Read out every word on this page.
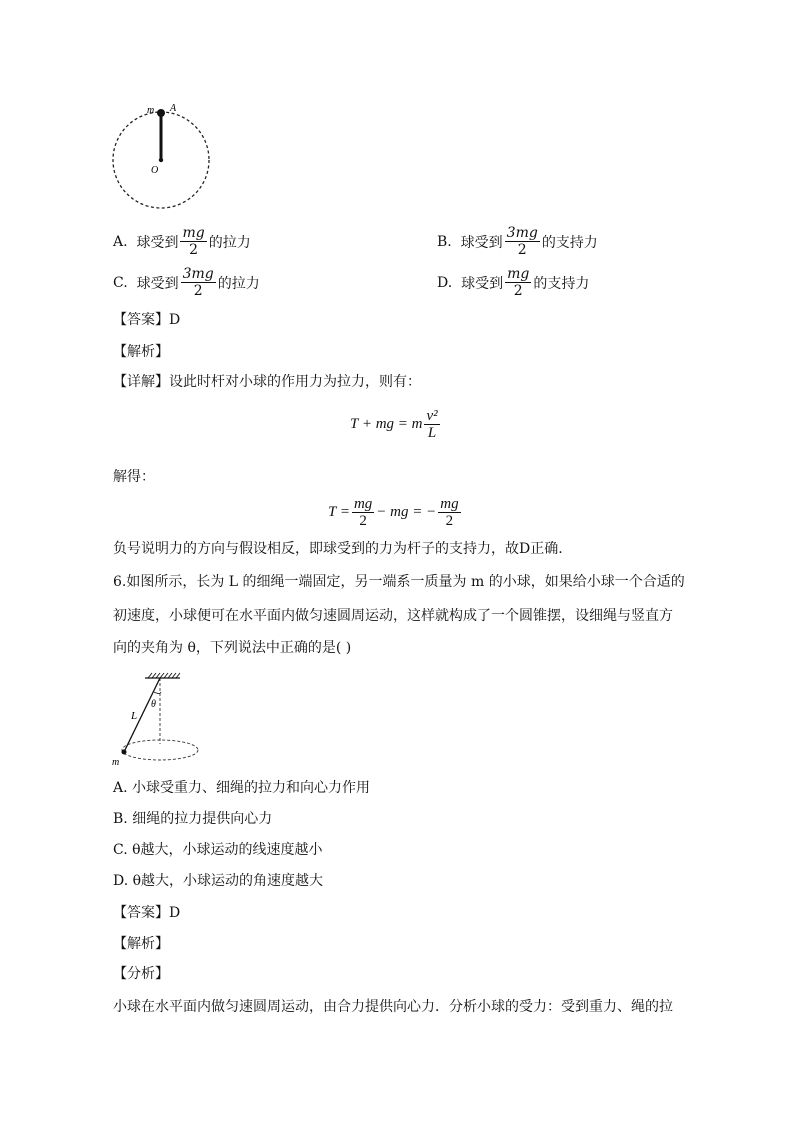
m A
O
A.
球受到 $\frac{mg}{2}$ 的拉力	B.
球受到 $\frac{3mg}{2}$ 的支持力
C.
球受到 $\frac{3mg}{2}$ 的拉力	D.
球受到 $\frac{mg}{2}$ 的支持力
【答案】D
【解析】
【详解】设此时杆对小球的作用力为拉力，则有：
T + mg = m $\frac{\text{v²}}{L}$
解得：
$T = \frac{mg}{2}$ − mg = − $\frac{mg}{2}$
负号说明力的方向与假设相反，即球受到的力为杆子的支持力，故D正确.
6.如图所示，长为 L 的细绳一端固定，另一端系一质量为 m 的小球，如果给小球一个合适的
初速度，小球便可在水平面内做匀速圆周运动，这样就构成了一个圆锥摆，设细绳与竖直方
向的夹角为 θ，下列说法中正确的是( )
θ
L
m
A. 小球受重力、细绳的拉力和向心力作用
B. 细绳的拉力提供向心力
C. θ越大，小球运动的线速度越小
D. θ越大，小球运动的角速度越大
【答案】D
【解析】
【分析】
小球在水平面内做匀速圆周运动，由合力提供向心力．分析小球的受力：受到重力、绳的拉
